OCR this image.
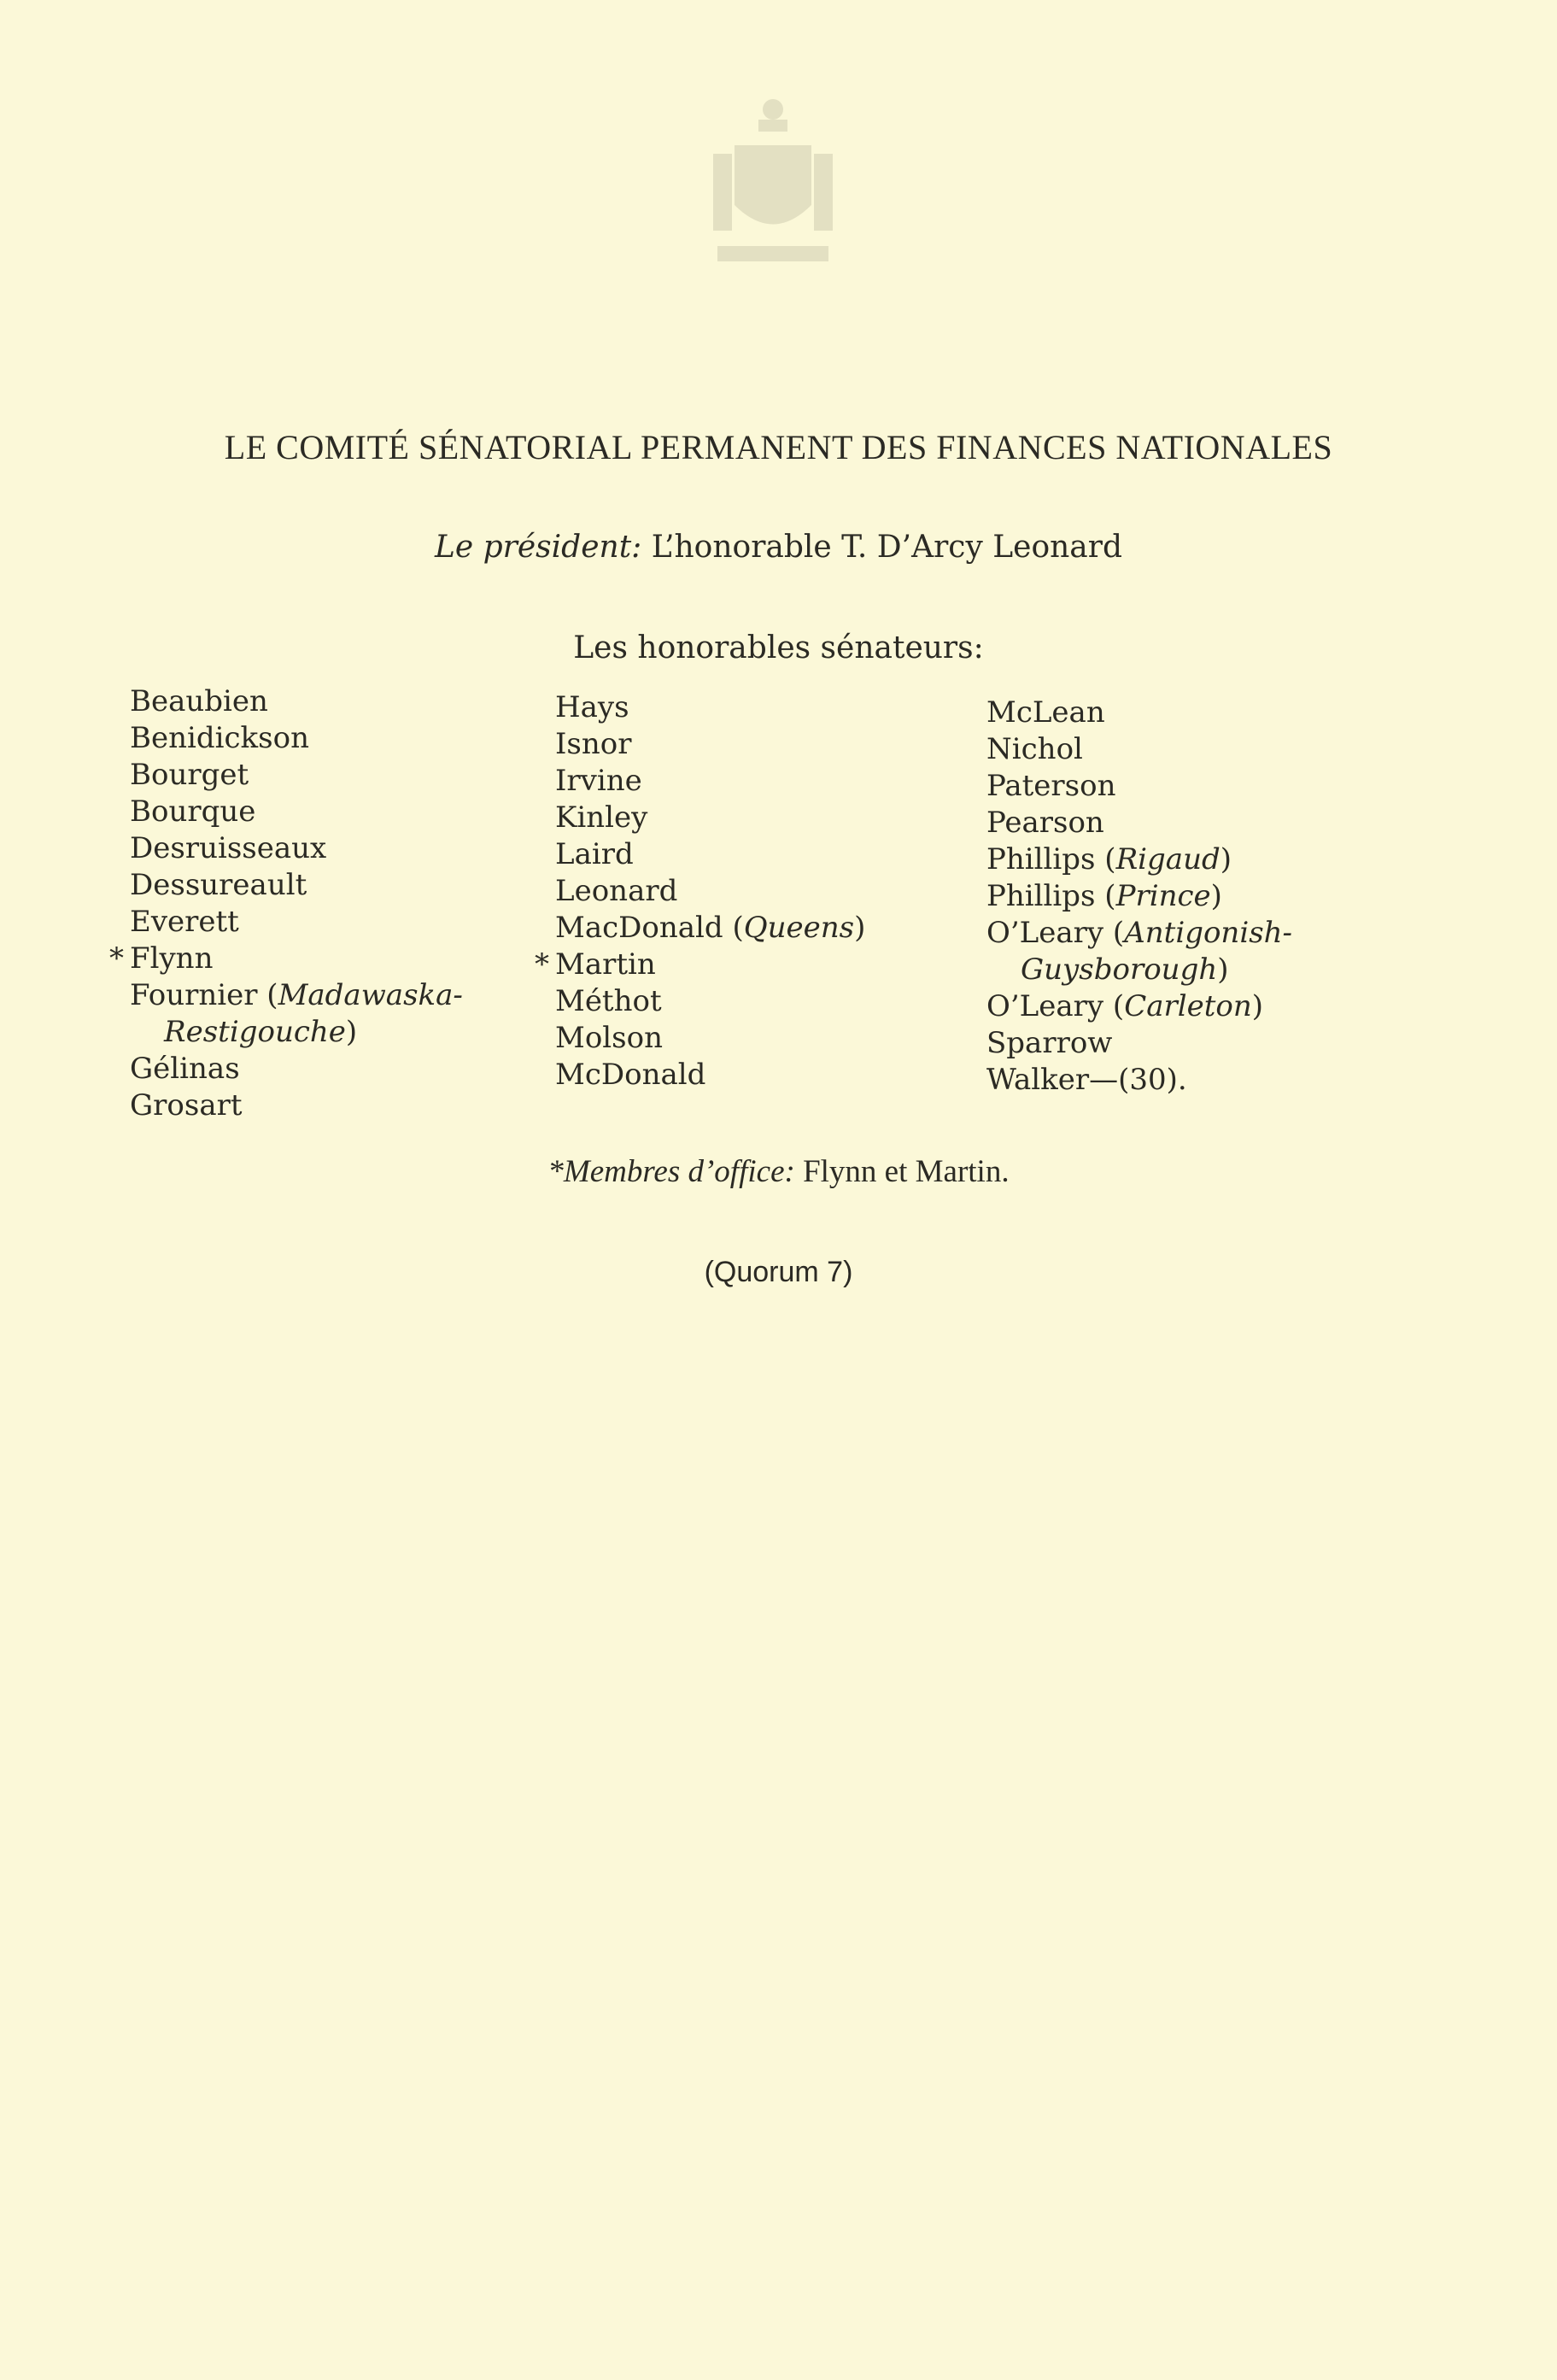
LE COMITÉ SÉNATORIAL PERMANENT DES FINANCES NATIONALES
Le président: L’honorable T. D’Arcy Leonard
Les honorables sénateurs:
Beaubien
Benidickson
Bourget
Bourque
Desruisseaux
Dessureault
Everett
* Flynn
Fournier (Madawaska-
Restigouche)
Gélinas
Grosart
Hays
Isnor
Irvine
Kinley
Laird
Leonard
MacDonald (Queens)
* Martin
Méthot
Molson
McDonald
McLean
Nichol
Paterson
Pearson
Phillips (Rigaud)
Phillips (Prince)
O’Leary (Antigonish-
Guysborough)
O’Leary (Carleton)
Sparrow
Walker—(30).
*Membres d’office: Flynn et Martin.
(Quorum 7)
